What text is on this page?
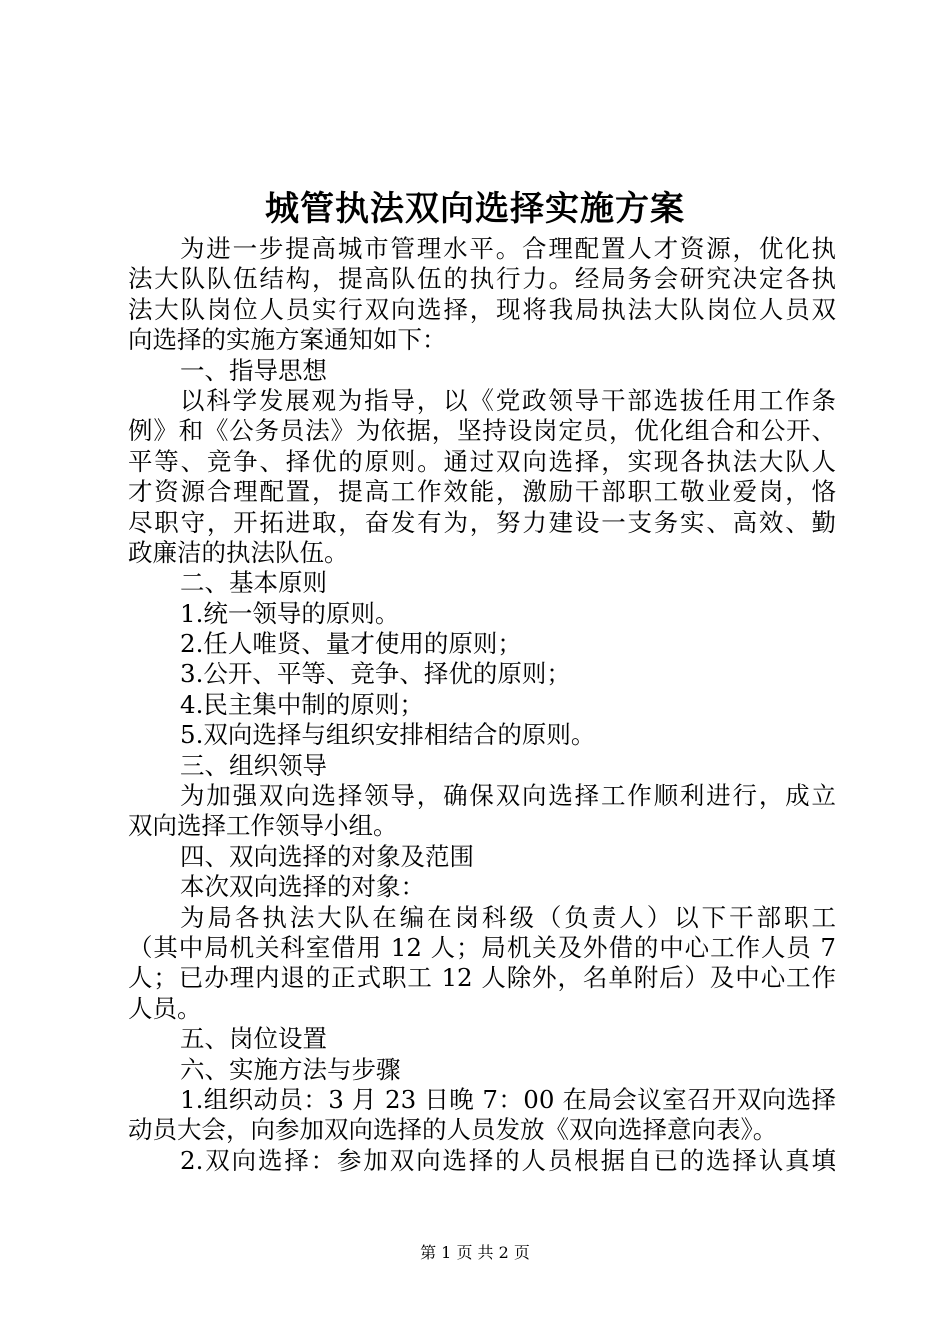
城管执法双向选择实施方案
为进一步提高城市管理水平。合理配置人才资源，优化执
法大队队伍结构，提高队伍的执行力。经局务会研究决定各执
法大队岗位人员实行双向选择，现将我局执法大队岗位人员双
向选择的实施方案通知如下：
一、指导思想
以科学发展观为指导，以《党政领导干部选拔任用工作条
例》和《公务员法》为依据，坚持设岗定员，优化组合和公开、
平等、竞争、择优的原则。通过双向选择，实现各执法大队人
才资源合理配置，提高工作效能，激励干部职工敬业爱岗，恪
尽职守，开拓进取，奋发有为，努力建设一支务实、高效、勤
政廉洁的执法队伍。
二、基本原则
1.统一领导的原则。
2.任人唯贤、量才使用的原则；
3.公开、平等、竞争、择优的原则；
4.民主集中制的原则；
5.双向选择与组织安排相结合的原则。
三、组织领导
为加强双向选择领导，确保双向选择工作顺利进行，成立
双向选择工作领导小组。
四、双向选择的对象及范围
本次双向选择的对象：
为局各执法大队在编在岗科级（负责人）以下干部职工
（其中局机关科室借用 12 人；局机关及外借的中心工作人员 7
人；已办理内退的正式职工 12 人除外，名单附后）及中心工作
人员。
五、岗位设置
六、实施方法与步骤
1.组织动员：3 月 23 日晚 7：00 在局会议室召开双向选择
动员大会，向参加双向选择的人员发放《双向选择意向表》。
2.双向选择：参加双向选择的人员根据自已的选择认真填
第 1 页 共 2 页
